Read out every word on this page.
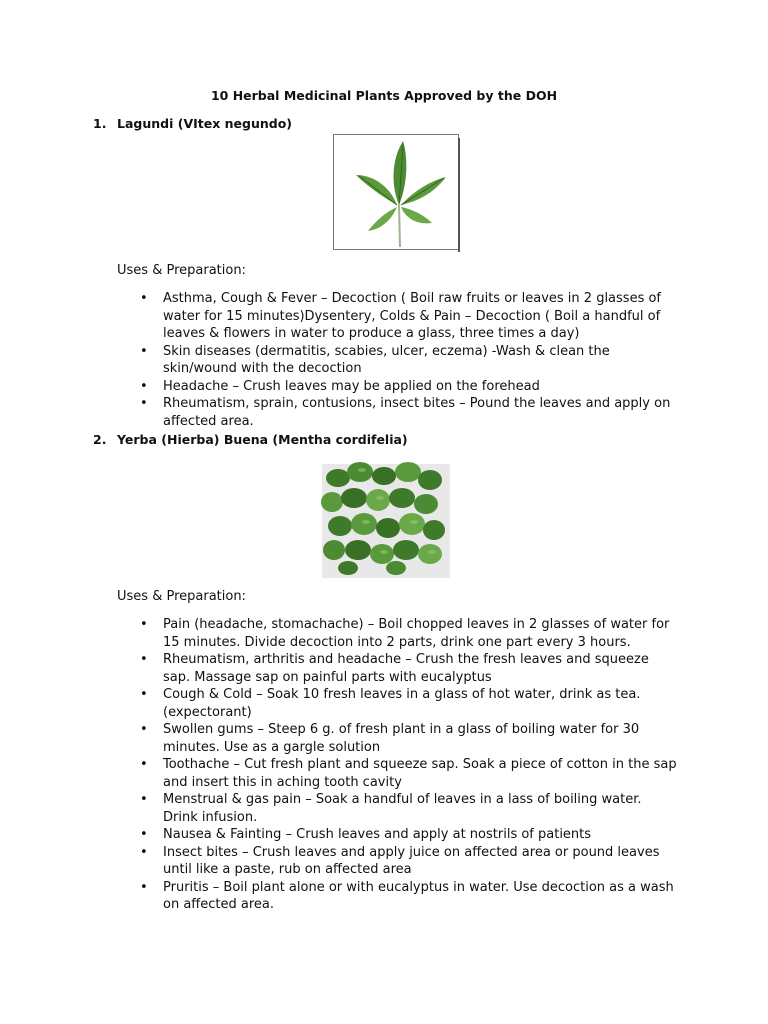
10 Herbal Medicinal Plants Approved by the DOH
1. Lagundi (VItex negundo)
Uses & Preparation:
• Asthma, Cough & Fever – Decoction ( Boil raw fruits or leaves in 2 glasses of water for 15 minutes)Dysentery, Colds & Pain – Decoction ( Boil a handful of leaves & flowers in water to produce a glass, three times a day)
• Skin diseases (dermatitis, scabies, ulcer, eczema) -Wash & clean the skin/wound with the decoction
• Headache – Crush leaves may be applied on the forehead
• Rheumatism, sprain, contusions, insect bites – Pound the leaves and apply on affected area.
2. Yerba (Hierba) Buena (Mentha cordifelia)
Uses & Preparation:
• Pain (headache, stomachache) – Boil chopped leaves in 2 glasses of water for 15 minutes. Divide decoction into 2 parts, drink one part every 3 hours.
• Rheumatism, arthritis and headache – Crush the fresh leaves and squeeze sap. Massage sap on painful parts with eucalyptus
• Cough & Cold – Soak 10 fresh leaves in a glass of hot water, drink as tea. (expectorant)
• Swollen gums – Steep 6 g. of fresh plant in a glass of boiling water for 30 minutes. Use as a gargle solution
• Toothache – Cut fresh plant and squeeze sap. Soak a piece of cotton in the sap and insert this in aching tooth cavity
• Menstrual & gas pain – Soak a handful of leaves in a lass of boiling water. Drink infusion.
• Nausea & Fainting – Crush leaves and apply at nostrils of patients
• Insect bites – Crush leaves and apply juice on affected area or pound leaves until like a paste, rub on affected area
• Pruritis – Boil plant alone or with eucalyptus in water. Use decoction as a wash on affected area.
